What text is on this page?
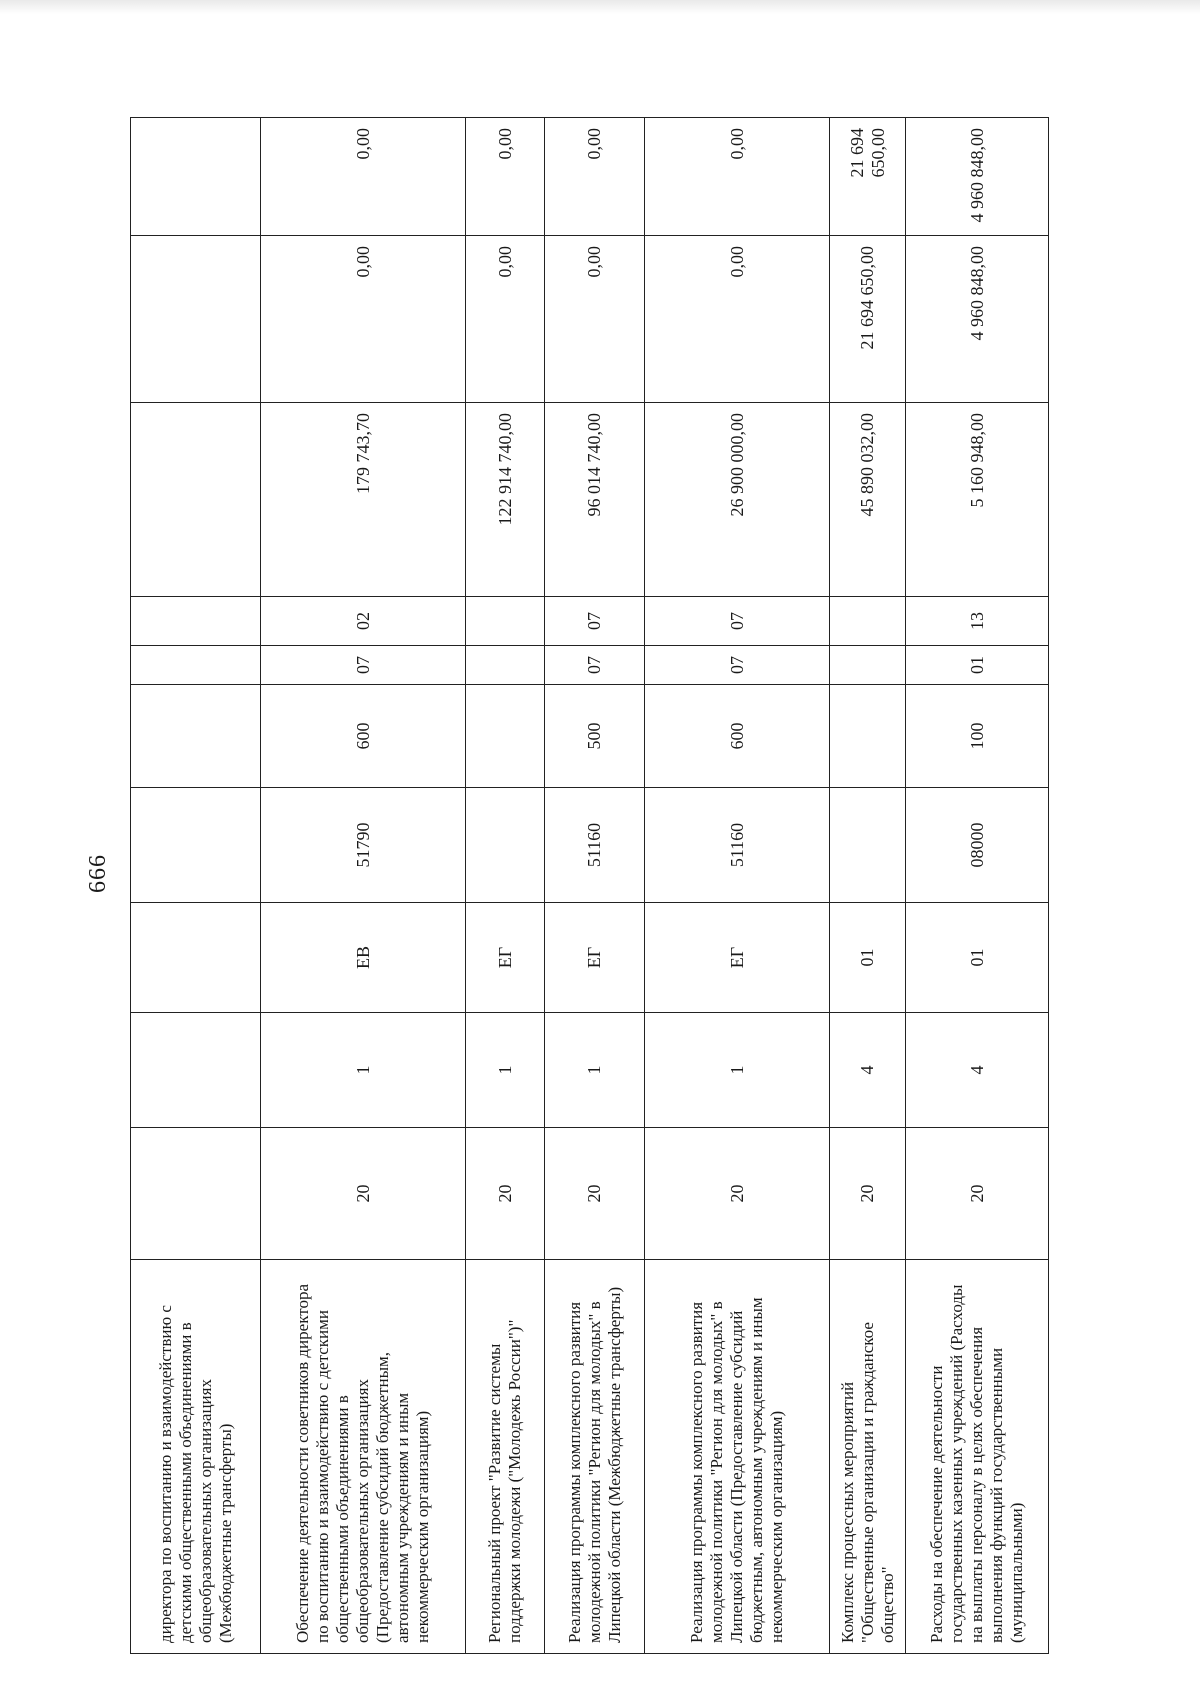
666
директора по воспитанию и взаимодействию с детскими общественными объединениями в общеобразовательных организациях (Межбюджетные трансферты)										
Обеспечение деятельности советников директора по воспитанию и взаимодействию с детскими общественными объединениями в общеобразовательных организациях (Предоставление субсидий бюджетным, автономным учреждениям и иным некоммерческим организациям)	20	1	ЕВ	51790	600	07	02	179 743,70	0,00	0,00
Региональный проект "Развитие системы поддержки молодежи ("Молодежь России")"	20	1	ЕГ					122 914 740,00	0,00	0,00
Реализация программы комплексного развития молодежной политики "Регион для молодых" в Липецкой области (Межбюджетные трансферты)	20	1	ЕГ	51160	500	07	07	96 014 740,00	0,00	0,00
Реализация программы комплексного развития молодежной политики "Регион для молодых" в Липецкой области (Предоставление субсидий бюджетным, автономным учреждениям и иным некоммерческим организациям)	20	1	ЕГ	51160	600	07	07	26 900 000,00	0,00	0,00
Комплекс процессных мероприятий "Общественные организации и гражданское общество"	20	4	01					45 890 032,00	21 694 650,00	21 694 650,00
Расходы на обеспечение деятельности государственных казенных учреждений (Расходы на выплаты персоналу в целях обеспечения выполнения функций государственными (муниципальными)	20	4	01	08000	100	01	13	5 160 948,00	4 960 848,00	4 960 848,00
